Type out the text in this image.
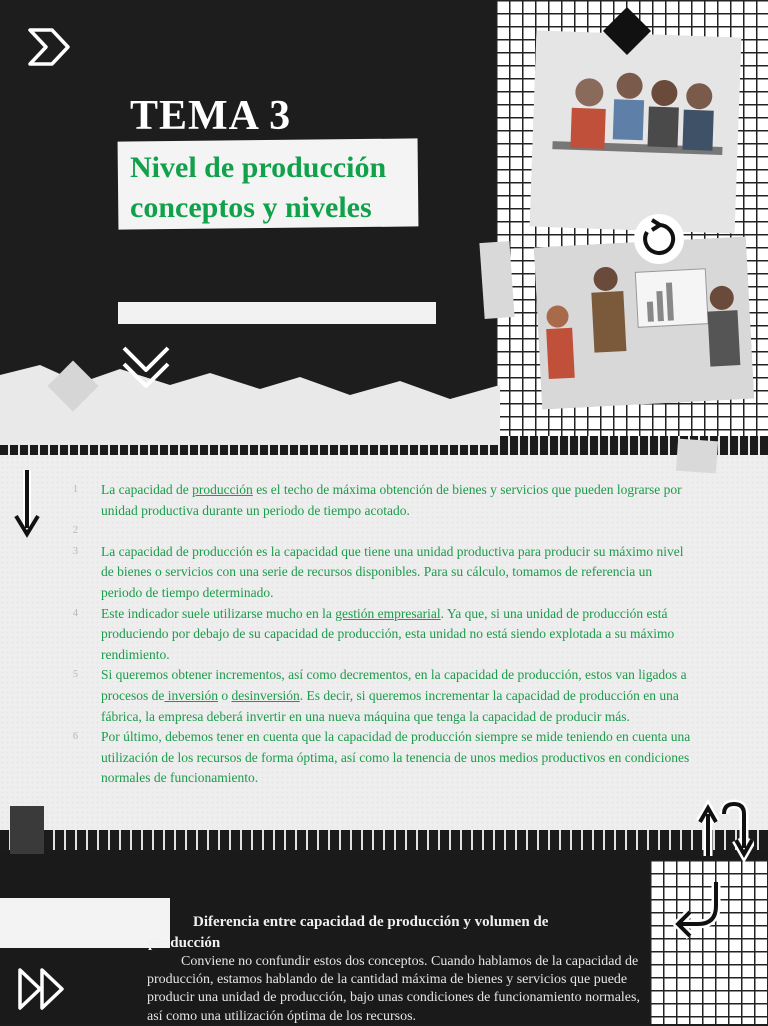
TEMA 3
Nivel de producción
conceptos y niveles
1 La capacidad de producción es el techo de máxima obtención de bienes y servicios que pueden lograrse por unidad productiva durante un periodo de tiempo acotado.

2
3 La capacidad de producción es la capacidad que tiene una unidad productiva para producir su máximo nivel de bienes o servicios con una serie de recursos disponibles. Para su cálculo, tomamos de referencia un periodo de tiempo determinado.

4 Este indicador suele utilizarse mucho en la gestión empresarial. Ya que, si una unidad de producción está produciendo por debajo de su capacidad de producción, esta unidad no está siendo explotada a su máximo rendimiento.

5 Si queremos obtener incrementos, así como decrementos, en la capacidad de producción, estos van ligados a procesos de inversión o desinversión. Es decir, si queremos incrementar la capacidad de producción en una fábrica, la empresa deberá invertir en una nueva máquina que tenga la capacidad de producir más.

6 Por último, debemos tener en cuenta que la capacidad de producción siempre se mide teniendo en cuenta una utilización de los recursos de forma óptima, así como la tenencia de unos medios productivos en condiciones normales de funcionamiento.

Diferencia entre capacidad de producción y volumen de producción
Conviene no confundir estos dos conceptos. Cuando hablamos de la capacidad de producción, estamos hablando de la cantidad máxima de bienes y servicios que puede producir una unidad de producción, bajo unas condiciones de funcionamiento normales, así como una utilización óptima de los recursos.
